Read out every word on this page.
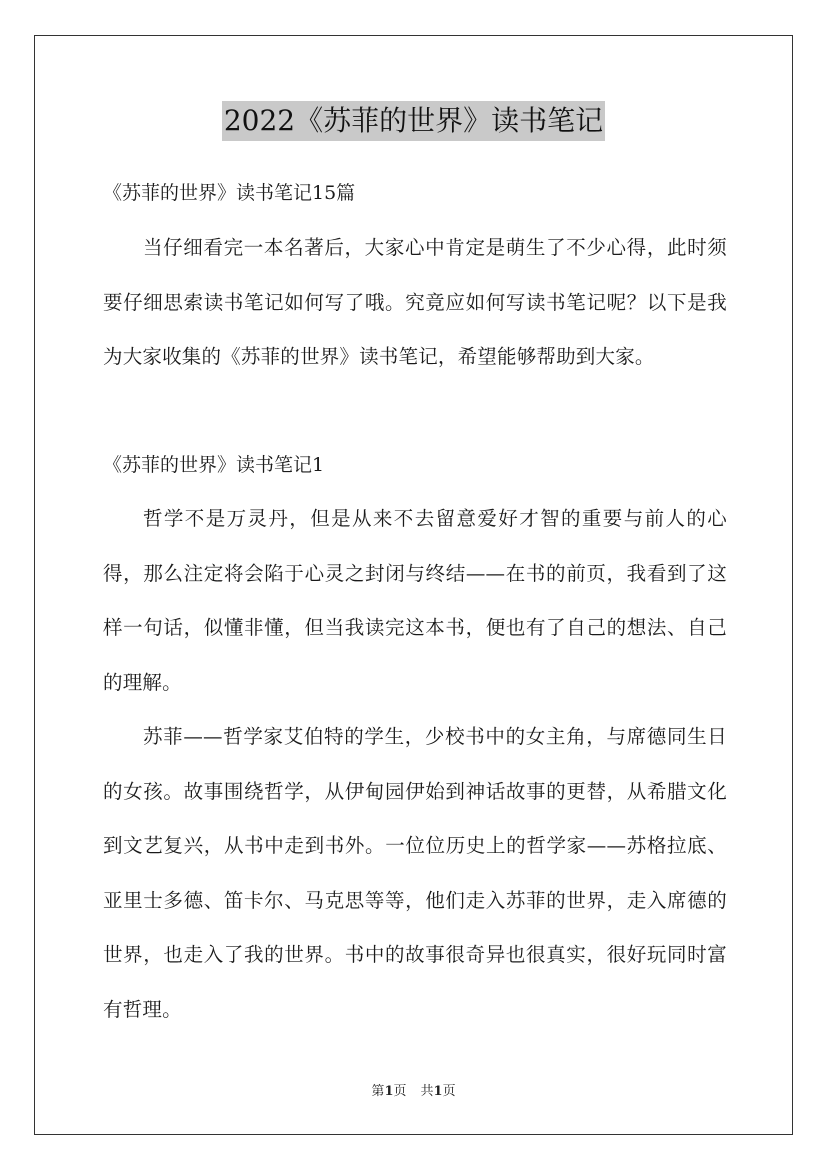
2022《苏菲的世界》读书笔记
《苏菲的世界》读书笔记15篇
当仔细看完一本名著后，大家心中肯定是萌生了不少心得，此时须要仔细思索读书笔记如何写了哦。究竟应如何写读书笔记呢？以下是我为大家收集的《苏菲的世界》读书笔记，希望能够帮助到大家。
《苏菲的世界》读书笔记1
哲学不是万灵丹，但是从来不去留意爱好才智的重要与前人的心得，那么注定将会陷于心灵之封闭与终结——在书的前页，我看到了这样一句话，似懂非懂，但当我读完这本书，便也有了自己的想法、自己的理解。
苏菲——哲学家艾伯特的学生，少校书中的女主角，与席德同生日的女孩。故事围绕哲学，从伊甸园伊始到神话故事的更替，从希腊文化到文艺复兴，从书中走到书外。一位位历史上的哲学家——苏格拉底、亚里士多德、笛卡尔、马克思等等，他们走入苏菲的世界，走入席德的世界，也走入了我的世界。书中的故事很奇异也很真实，很好玩同时富有哲理。
第1页 共1页
